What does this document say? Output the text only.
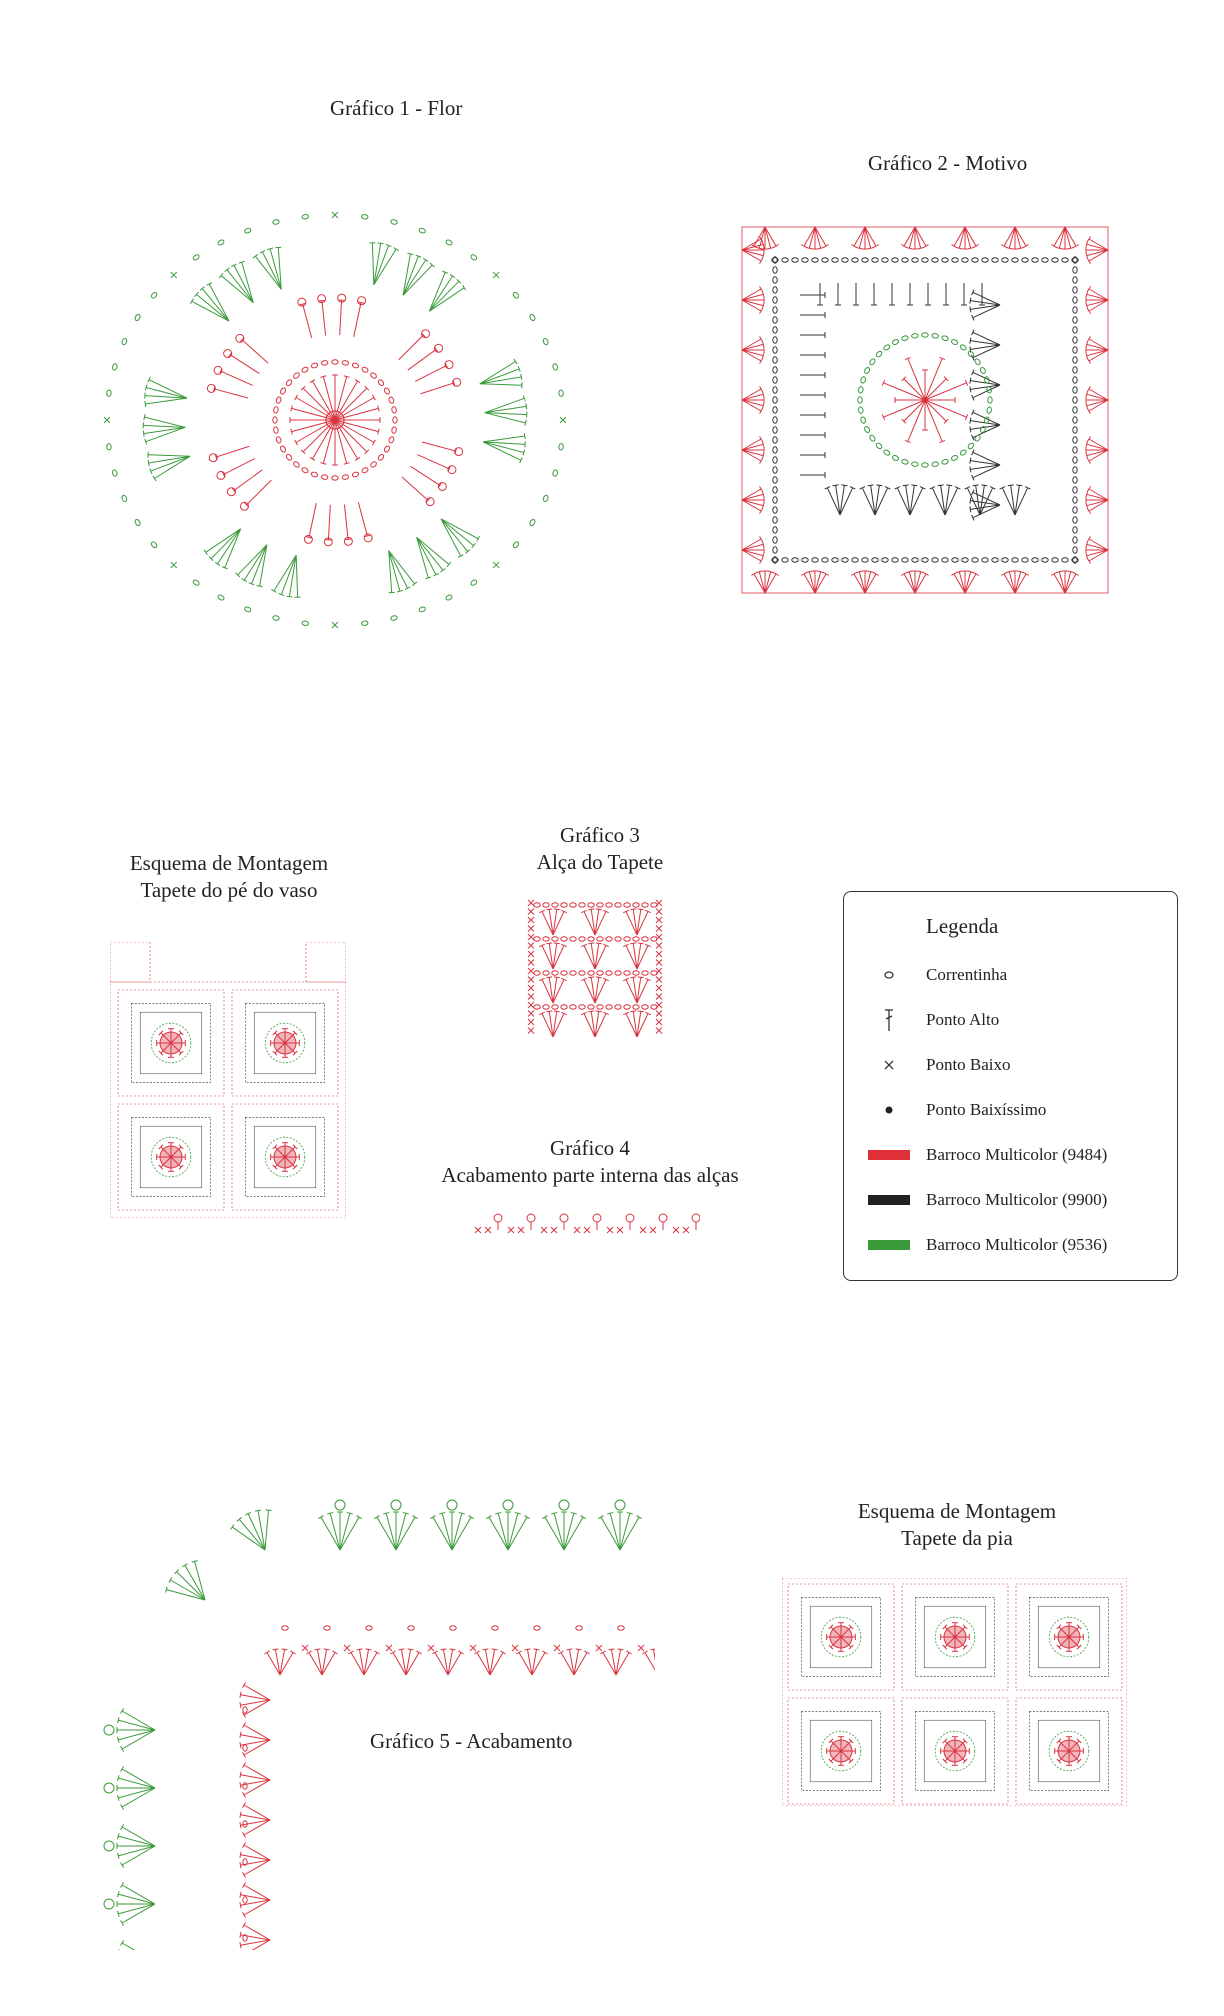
Gráfico 1 - Flor
Gráfico 2 - Motivo
Esquema de Montagem
Tapete do pé do vaso
Gráfico 3
Alça do Tapete
Gráfico 4
Acabamento parte interna das alças
Esquema de Montagem
Tapete da pia
Gráfico 5 - Acabamento
Legenda
Correntinha
Ponto Alto
Ponto Baixo
Ponto Baixíssimo
Barroco Multicolor (9484)
Barroco Multicolor (9900)
Barroco Multicolor (9536)
